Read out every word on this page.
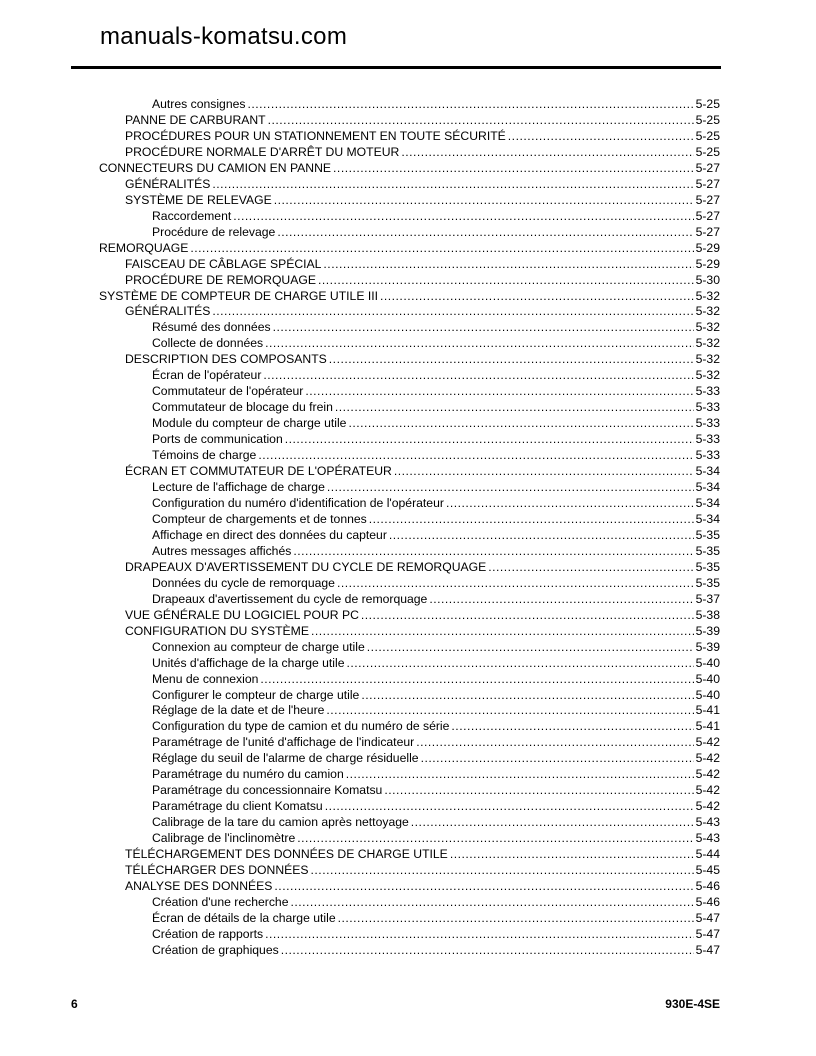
Autres consignes .....	5-25
PANNE DE CARBURANT .....	5-25
PROCÉDURES POUR UN STATIONNEMENT EN TOUTE SÉCURITÉ .....	5-25
PROCÉDURE NORMALE D'ARRÊT DU MOTEUR .....	5-25
CONNECTEURS DU CAMION EN PANNE .....	5-27
GÉNÉRALITÉS .....	5-27
SYSTÈME DE RELEVAGE .....	5-27
Raccordement .....	5-27
Procédure de relevage .....	5-27
REMORQUAGE .....	5-29
FAISCEAU DE CÂBLAGE SPÉCIAL .....	5-29
PROCÉDURE DE REMORQUAGE .....	5-30
SYSTÈME DE COMPTEUR DE CHARGE UTILE III .....	5-32
GÉNÉRALITÉS .....	5-32
Résumé des données .....	5-32
Collecte de données .....	5-32
DESCRIPTION DES COMPOSANTS .....	5-32
Écran de l'opérateur .....	5-32
Commutateur de l'opérateur .....	5-33
Commutateur de blocage du frein .....	5-33
Module du compteur de charge utile .....	5-33
Ports de communication .....	5-33
Témoins de charge .....	5-33
ÉCRAN ET COMMUTATEUR DE L'OPÉRATEUR .....	5-34
Lecture de l'affichage de charge .....	5-34
Configuration du numéro d'identification de l'opérateur .....	5-34
Compteur de chargements et de tonnes .....	5-34
Affichage en direct des données du capteur .....	5-35
Autres messages affichés .....	5-35
DRAPEAUX D'AVERTISSEMENT DU CYCLE DE REMORQUAGE .....	5-35
Données du cycle de remorquage .....	5-35
Drapeaux d'avertissement du cycle de remorquage .....	5-37
VUE GÉNÉRALE DU LOGICIEL POUR PC .....	5-38
CONFIGURATION DU SYSTÈME .....	5-39
Connexion au compteur de charge utile .....	5-39
Unités d'affichage de la charge utile .....	5-40
Menu de connexion .....	5-40
Configurer le compteur de charge utile .....	5-40
Réglage de la date et de l'heure .....	5-41
Configuration du type de camion et du numéro de série .....	5-41
Paramétrage de l'unité d'affichage de l'indicateur .....	5-42
Réglage du seuil de l'alarme de charge résiduelle .....	5-42
Paramétrage du numéro du camion .....	5-42
Paramétrage du concessionnaire Komatsu .....	5-42
Paramétrage du client Komatsu .....	5-42
Calibrage de la tare du camion après nettoyage .....	5-43
Calibrage de l'inclinomètre .....	5-43
TÉLÉCHARGEMENT DES DONNÉES DE CHARGE UTILE .....	5-44
TÉLÉCHARGER DES DONNÉES .....	5-45
ANALYSE DES DONNÉES .....	5-46
Création d'une recherche .....	5-46
Écran de détails de la charge utile .....	5-47
Création de rapports .....	5-47
Création de graphiques .....	5-47
manuals-komatsu.com
6	930E-4SE
